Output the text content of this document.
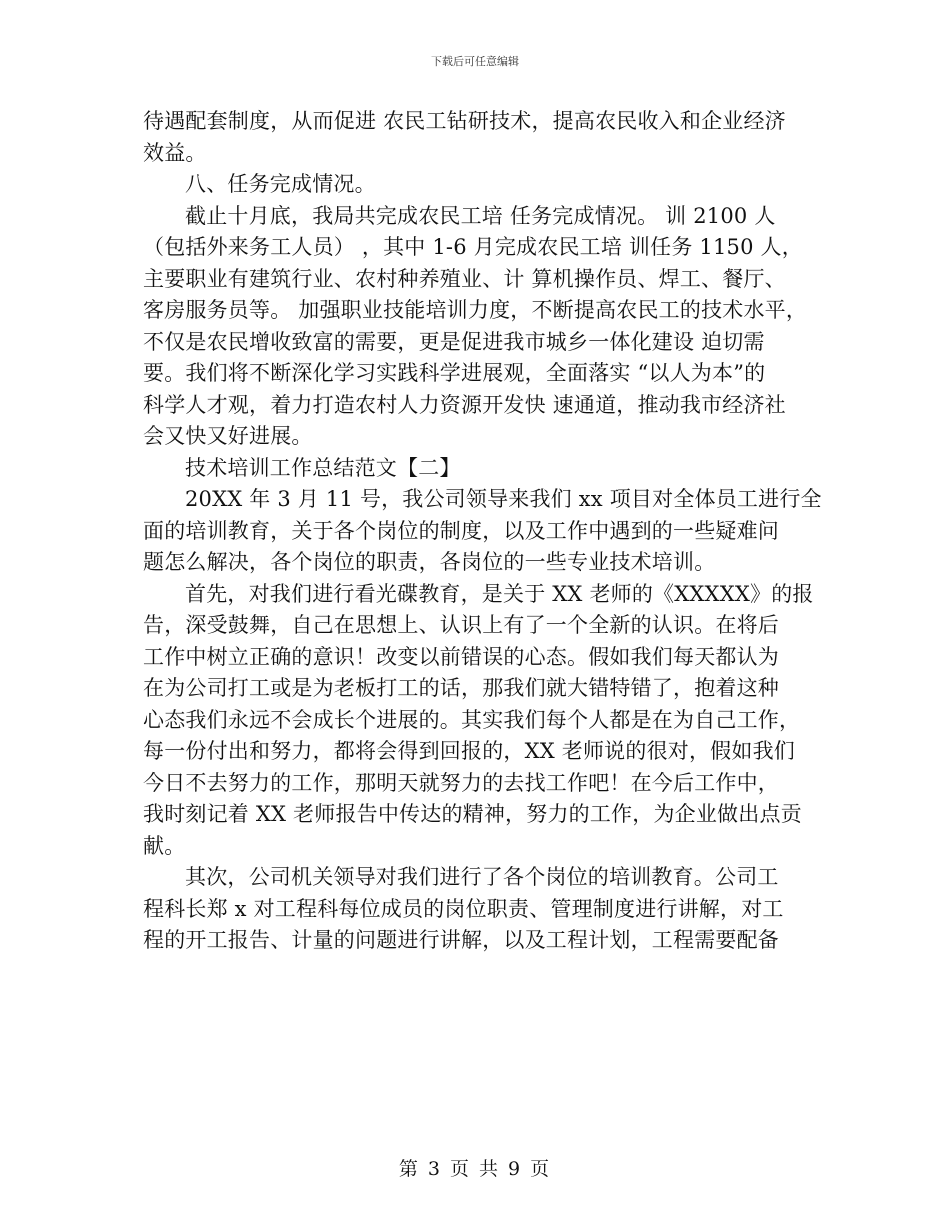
下载后可任意编辑
待遇配套制度，从而促进 农民工钻研技术，提高农民收入和企业经济
效益。
八、任务完成情况。
截止十月底，我局共完成农民工培 任务完成情况。 训 2100 人
（包括外来务工人员） ，其中 1-6 月完成农民工培 训任务 1150 人，
主要职业有建筑行业、农村种养殖业、计 算机操作员、焊工、餐厅、
客房服务员等。 加强职业技能培训力度，不断提高农民工的技术水平，
不仅是农民增收致富的需要，更是促进我市城乡一体化建设 迫切需
要。我们将不断深化学习实践科学进展观，全面落实 “以人为本”的
科学人才观，着力打造农村人力资源开发快 速通道，推动我市经济社
会又快又好进展。
技术培训工作总结范文【二】
20XX 年 3 月 11 号，我公司领导来我们 xx 项目对全体员工进行全
面的培训教育，关于各个岗位的制度，以及工作中遇到的一些疑难问
题怎么解决，各个岗位的职责，各岗位的一些专业技术培训。
首先，对我们进行看光碟教育，是关于 XX 老师的《XXXXX》的报
告，深受鼓舞，自己在思想上、认识上有了一个全新的认识。在将后
工作中树立正确的意识！改变以前错误的心态。假如我们每天都认为
在为公司打工或是为老板打工的话，那我们就大错特错了，抱着这种
心态我们永远不会成长个进展的。其实我们每个人都是在为自己工作，
每一份付出和努力，都将会得到回报的，XX 老师说的很对，假如我们
今日不去努力的工作，那明天就努力的去找工作吧！在今后工作中，
我时刻记着 XX 老师报告中传达的精神，努力的工作，为企业做出点贡
献。
其次，公司机关领导对我们进行了各个岗位的培训教育。公司工
程科长郑 x 对工程科每位成员的岗位职责、管理制度进行讲解，对工
程的开工报告、计量的问题进行讲解，以及工程计划，工程需要配备
第 3 页 共 9 页
